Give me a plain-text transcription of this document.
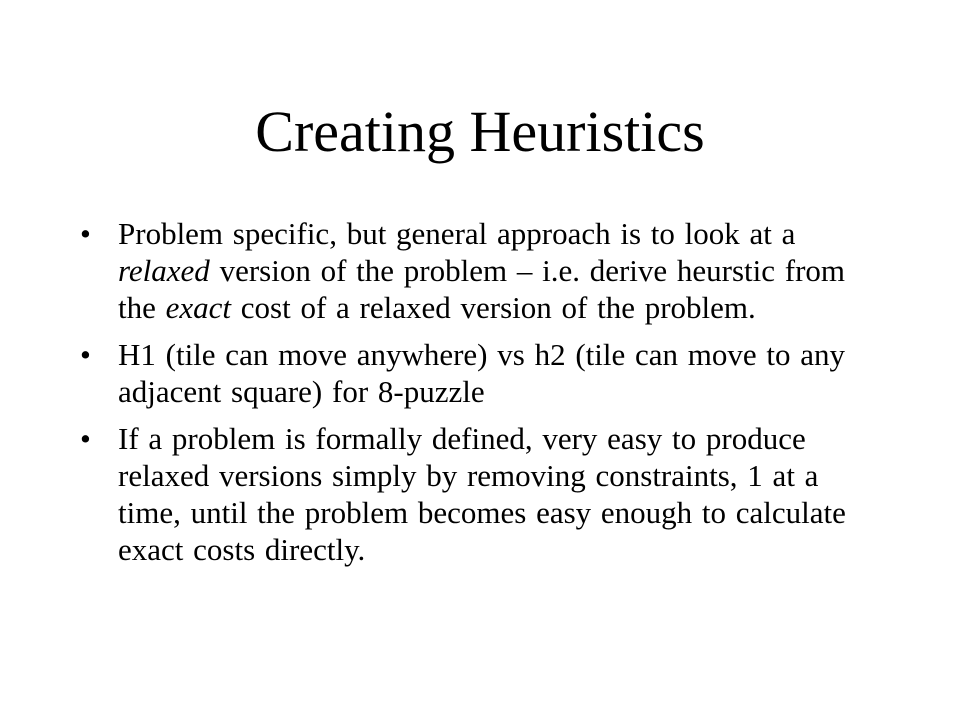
Creating Heuristics
• Problem specific, but general approach is to look at a relaxed version of the problem – i.e. derive heurstic from the exact cost of a relaxed version of the problem.
• H1 (tile can move anywhere) vs h2 (tile can move to any adjacent square) for 8-puzzle
• If a problem is formally defined, very easy to produce relaxed versions simply by removing constraints, 1 at a time, until the problem becomes easy enough to calculate exact costs directly.
